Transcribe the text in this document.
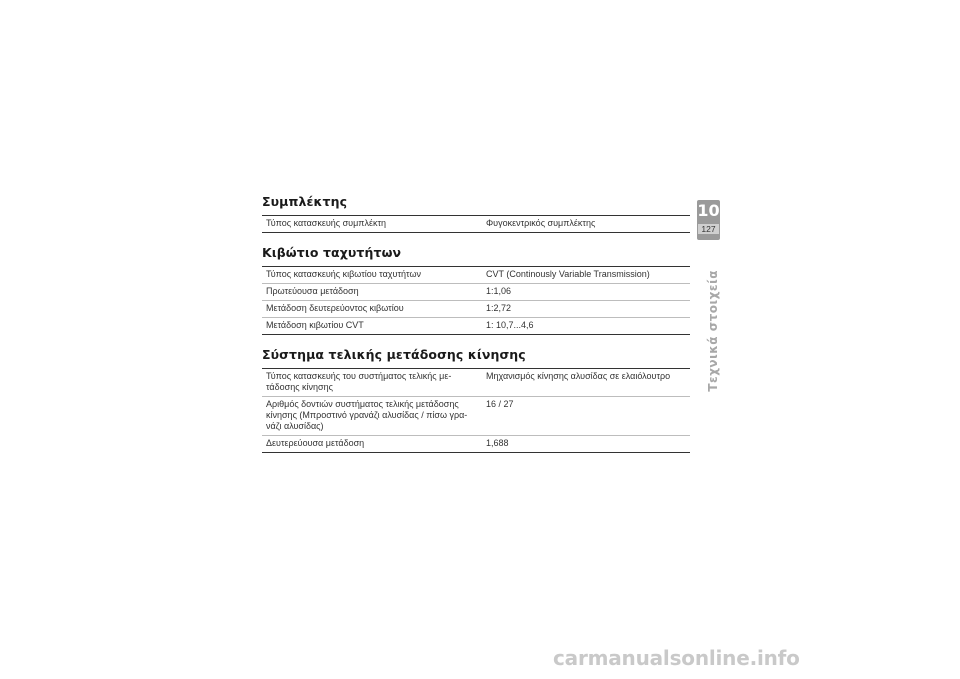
Συμπλέκτης
Τύπος κατασκευής συμπλέκτη	Φυγοκεντρικός συμπλέκτης
Κιβώτιο ταχυτήτων
Τύπος κατασκευής κιβωτίου ταχυτήτων	CVT (Continously Variable Transmission)
Πρωτεύουσα μετάδοση	1:1,06
Μετάδοση δευτερεύοντος κιβωτίου	1:2,72
Μετάδοση κιβωτίου CVT	1: 10,7...4,6
Σύστημα τελικής μετάδοσης κίνησης
Τύπος κατασκευής του συστήματος τελικής με-
τάδοσης κίνησης	Μηχανισμός κίνησης αλυσίδας σε ελαιόλουτρο
Αριθμός δοντιών συστήματος τελικής μετάδοσης
κίνησης (Μπροστινό γρανάζι αλυσίδας / πίσω γρα-
νάζι αλυσίδας)	16 / 27
Δευτερεύουσα μετάδοση	1,688
10
127
Τεχνικά στοιχεία
carmanualsonline.info
